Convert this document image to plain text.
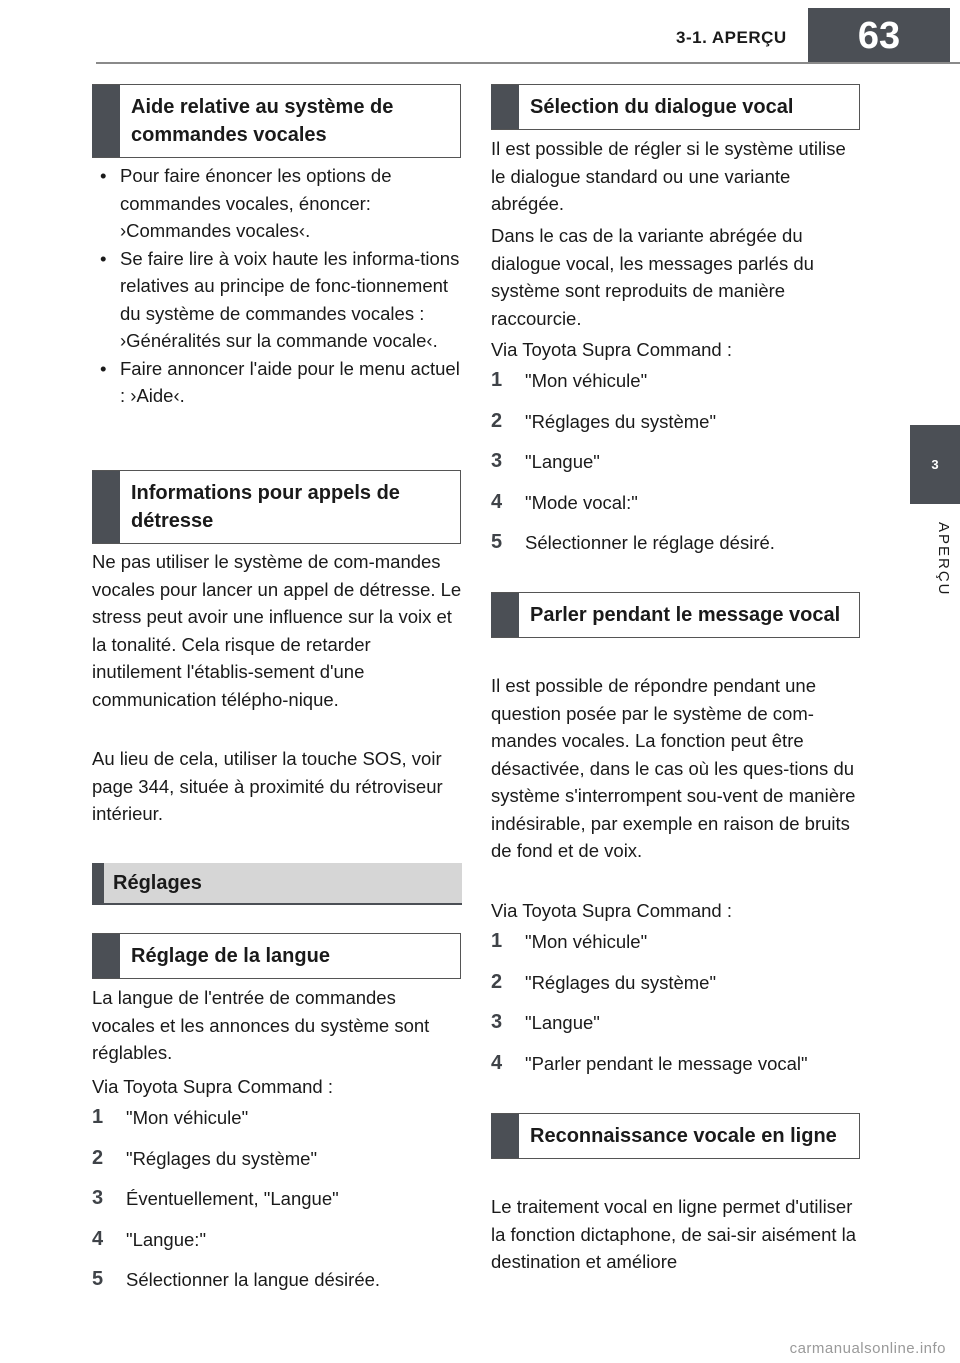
3-1. APERÇU	63
3
APERÇU
Aide relative au système de commandes vocales
• Pour faire énoncer les options de commandes vocales, énoncer: ›Commandes vocales‹.
• Se faire lire à voix haute les informa-tions relatives au principe de fonc-tionnement du système de commandes vocales : ›Généralités sur la commande vocale‹.
• Faire annoncer l'aide pour le menu actuel : ›Aide‹.
Informations pour appels de détresse

Ne pas utiliser le système de com-mandes vocales pour lancer un appel de détresse. Le stress peut avoir une influence sur la voix et la tonalité. Cela risque de retarder inutilement l'établis-sement d'une communication télépho-nique.

Au lieu de cela, utiliser la touche SOS, voir page 344, située à proximité du rétroviseur intérieur.

Réglages
Réglage de la langue

La langue de l'entrée de commandes vocales et les annonces du système sont réglables.

Via Toyota Supra Command :

1	"Mon véhicule"
2	"Réglages du système"
3	Éventuellement, "Langue"
4	"Langue:"
5	Sélectionner la langue désirée.
Sélection du dialogue vocal

Il est possible de régler si le système utilise le dialogue standard ou une variante abrégée.

Dans le cas de la variante abrégée du dialogue vocal, les messages parlés du système sont reproduits de manière raccourcie.

Via Toyota Supra Command :

1	"Mon véhicule"
2	"Réglages du système"
3	"Langue"
4	"Mode vocal:"
5	Sélectionner le réglage désiré.
Parler pendant le message vocal

Il est possible de répondre pendant une question posée par le système de com-mandes vocales. La fonction peut être désactivée, dans le cas où les ques-tions du système s'interrompent sou-vent de manière indésirable, par exemple en raison de bruits de fond et de voix.

Via Toyota Supra Command :

1	"Mon véhicule"
2	"Réglages du système"
3	"Langue"
4	"Parler pendant le message vocal"
Reconnaissance vocale en ligne

Le traitement vocal en ligne permet d'utiliser la fonction dictaphone, de sai-sir aisément la destination et améliore

carmanualsonline.info
